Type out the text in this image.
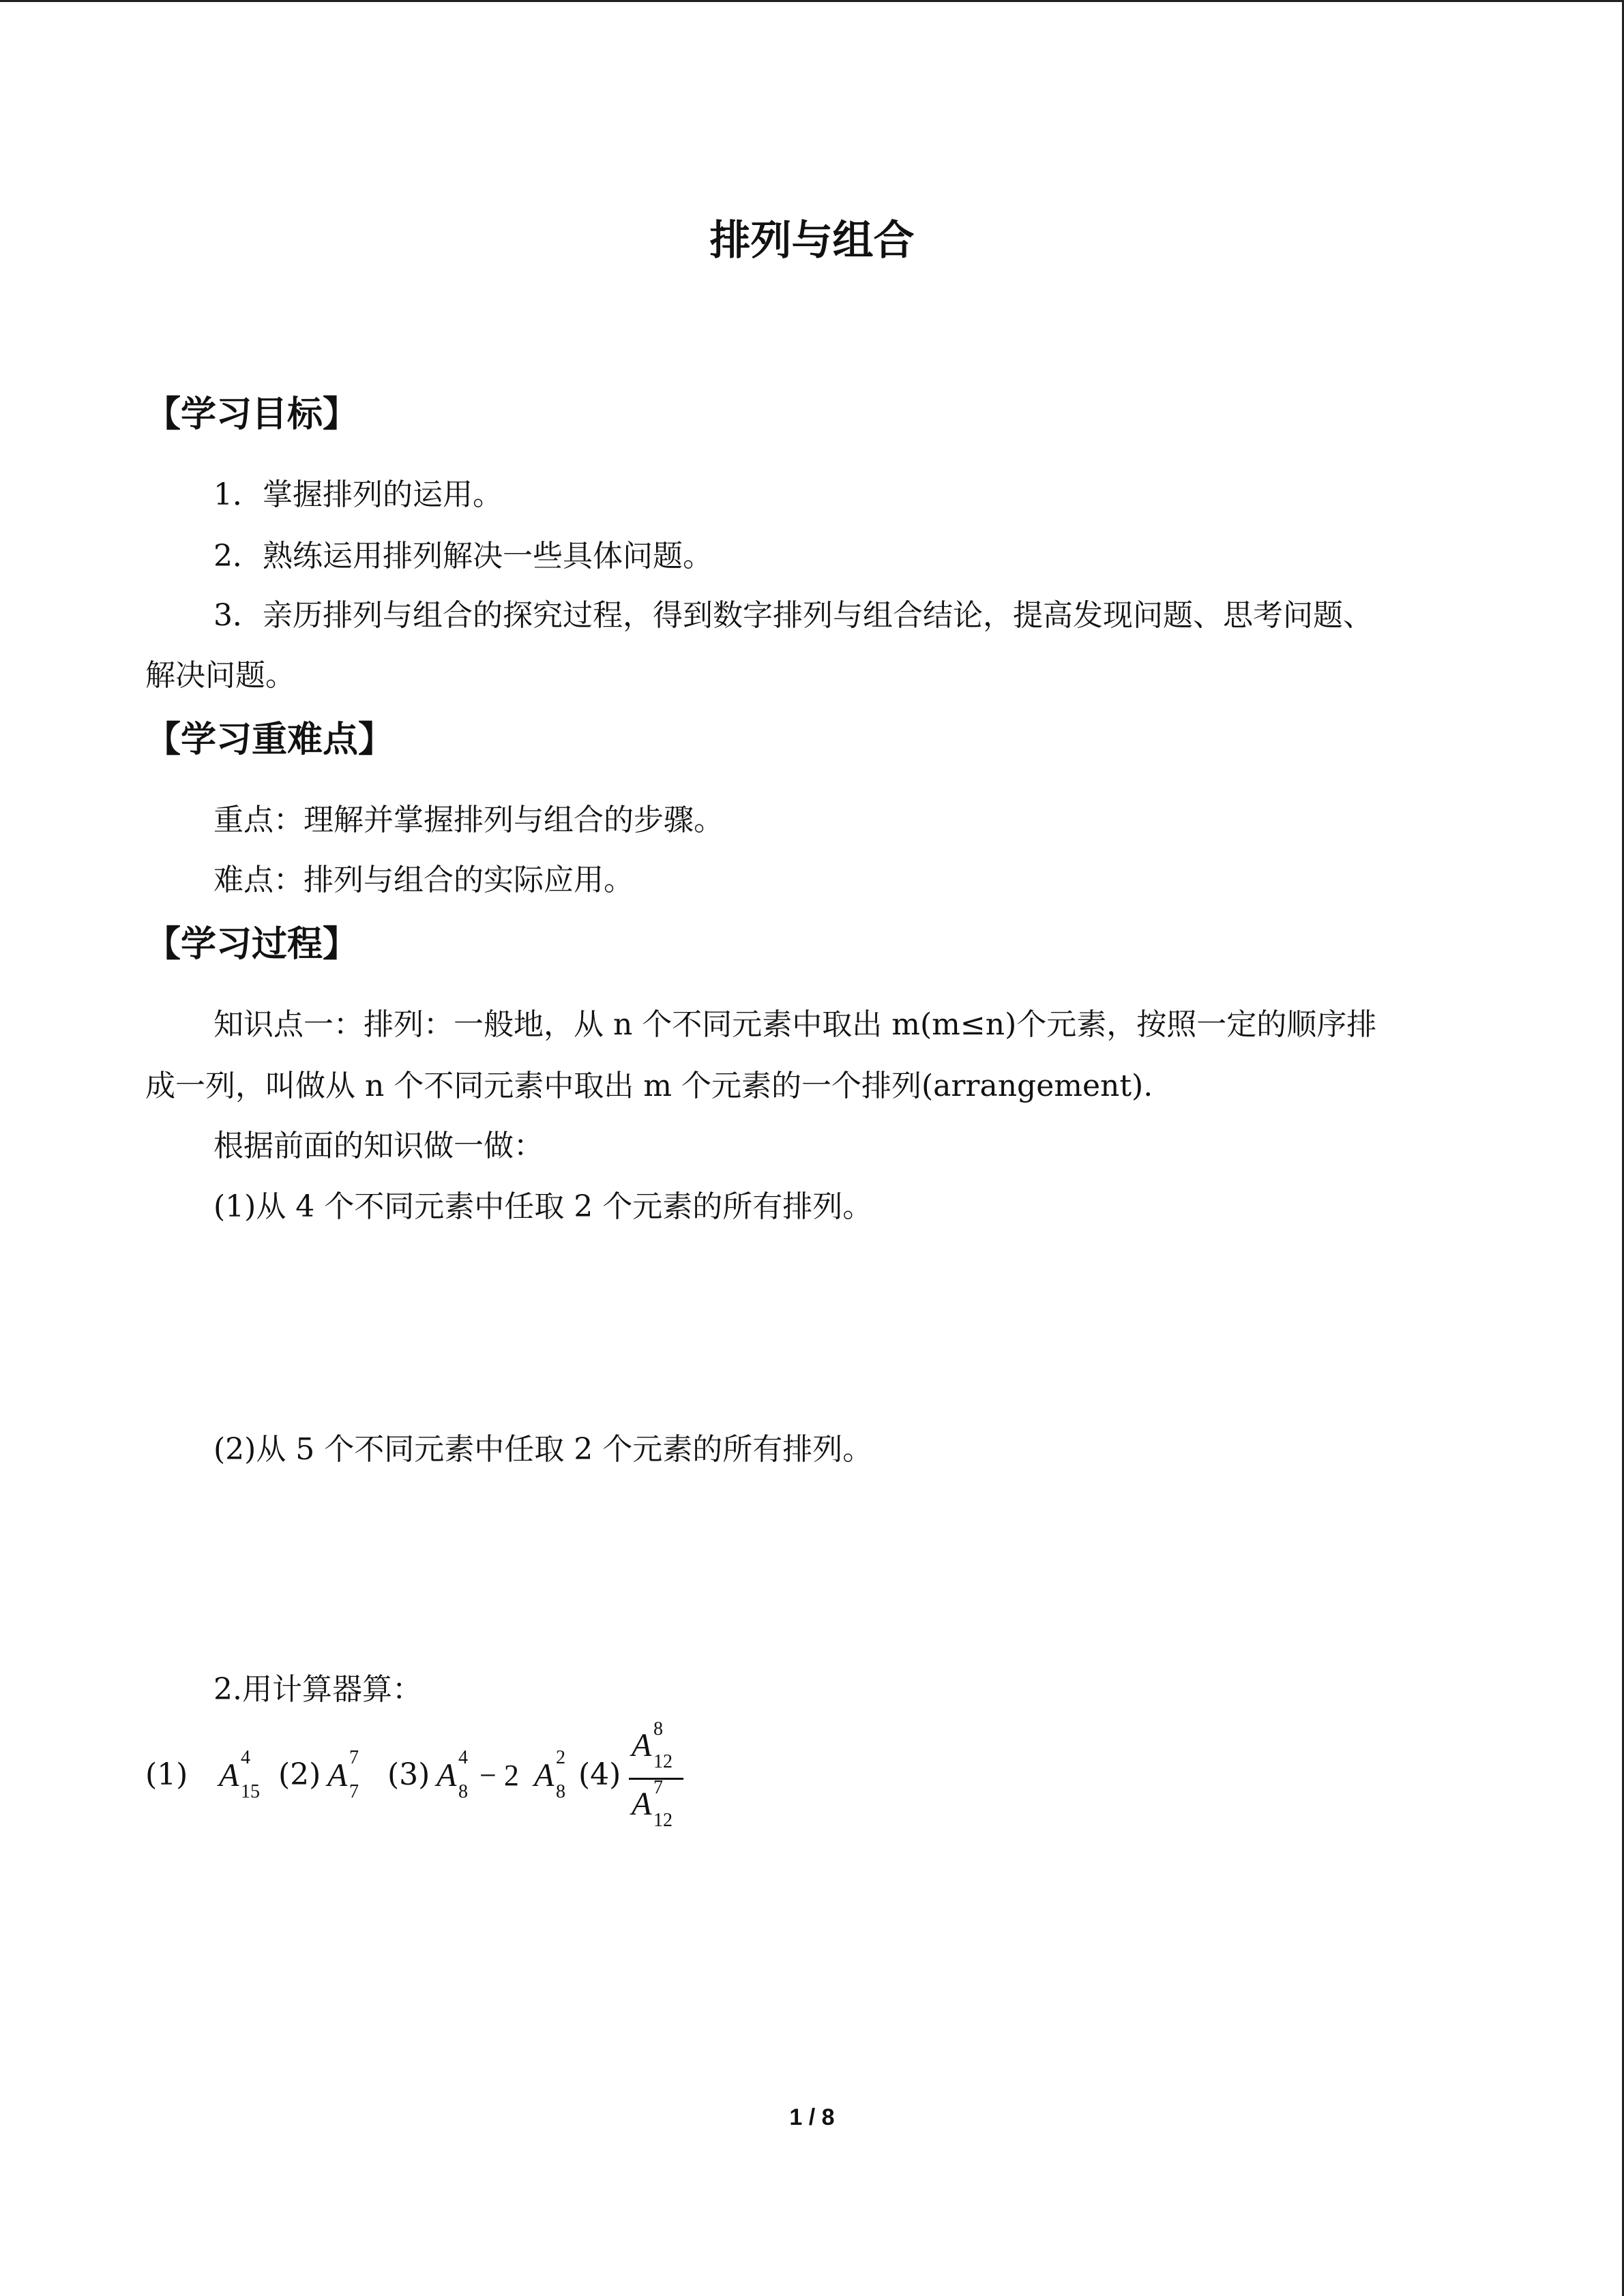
排列与组合
【学习目标】
1．掌握排列的运用。
2．熟练运用排列解决一些具体问题。
3．亲历排列与组合的探究过程，得到数字排列与组合结论，提高发现问题、思考问题、
解决问题。
【学习重难点】
重点：理解并掌握排列与组合的步骤。
难点：排列与组合的实际应用。
【学习过程】
知识点一：排列：一般地，从 n 个不同元素中取出 m(m≤n)个元素，按照一定的顺序排
成一列，叫做从 n 个不同元素中取出 m 个元素的一个排列(arrangement).
根据前面的知识做一做：
(1)从 4 个不同元素中任取 2 个元素的所有排列。
(2)从 5 个不同元素中任取 2 个元素的所有排列。
2.用计算器算：
(1) A 4
15 (2) A 7
7 (3) A 4
8 − 2 A 2
8 (4)
A 8
12
A 7
12
1 / 8
